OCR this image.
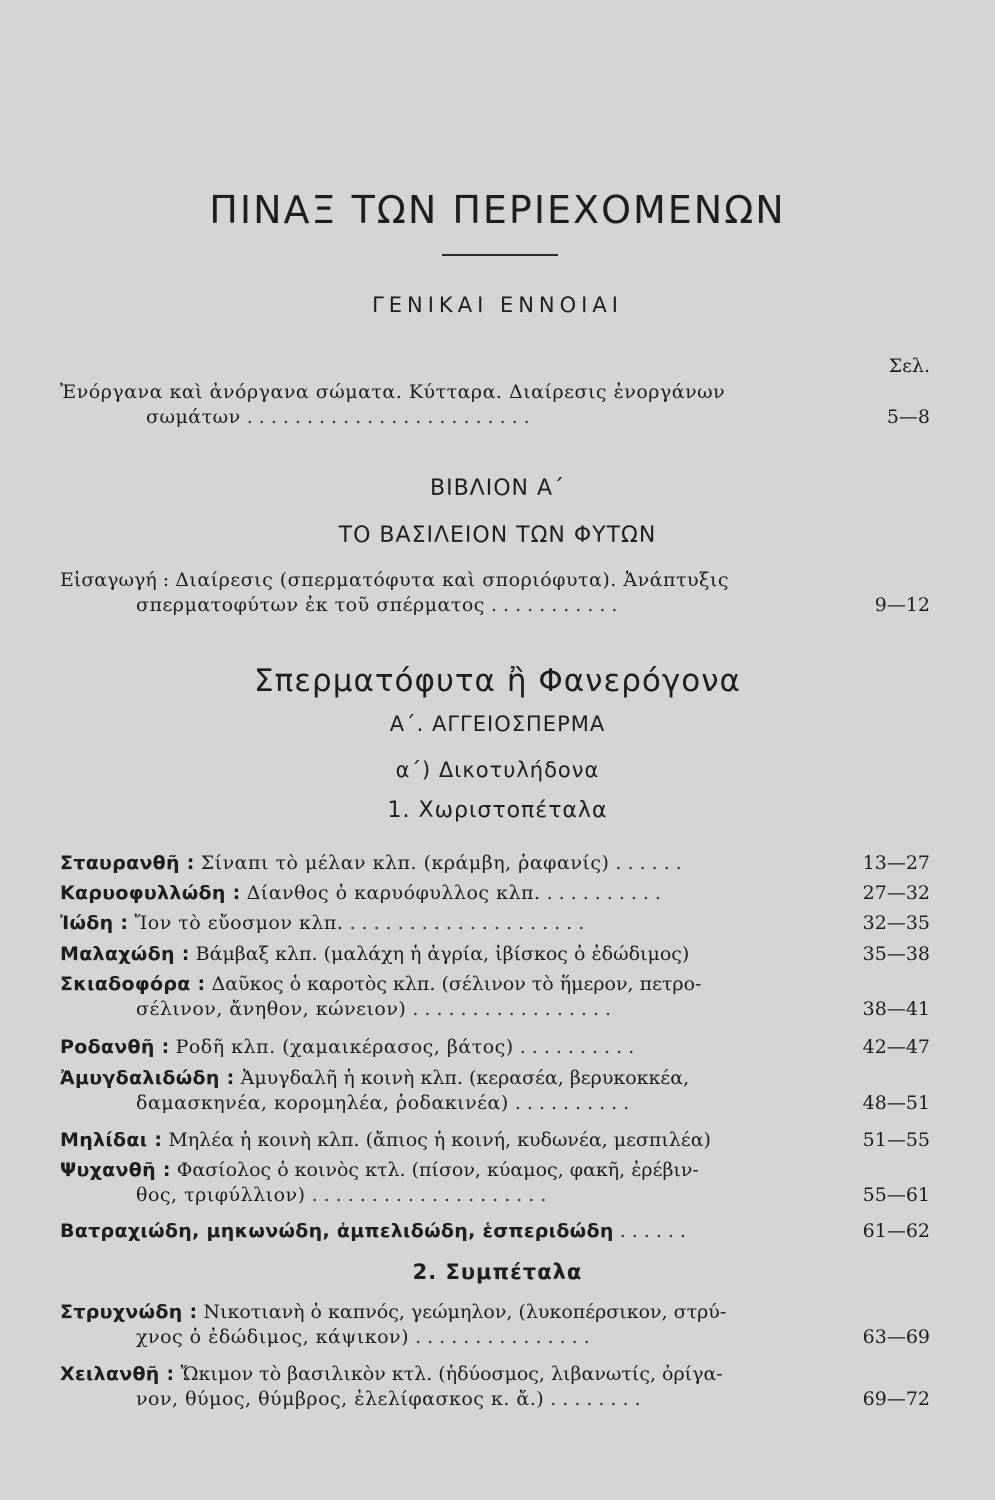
ΠΙΝΑΞ ΤΩΝ ΠΕΡΙΕΧΟΜΕΝΩΝ
ΓΕΝΙΚΑΙ ΕΝΝΟΙΑΙ
Σελ.
Ἐνόργανα καὶ ἀνόργανα σώματα. Κύτταρα. Διαίρεσις ἐνοργάνων
σωμάτων ........................	5—8
ΒΙΒΛΙΟΝ Α΄
ΤΟ ΒΑΣΙΛΕΙΟΝ ΤΩΝ ΦΥΤΩΝ
Εἰσαγωγή : Διαίρεσις (σπερματόφυτα καὶ σποριόφυτα). Ἀνάπτυξις
σπερματοφύτων ἐκ τοῦ σπέρματος ...........	9—12
Σπερματόφυτα ἢ Φανερόγονα
Α΄. ΑΓΓΕΙΟΣΠΕΡΜΑ
α΄) Δικοτυλήδονα
1. Χωριστοπέταλα
Σταυρανθῆ : Σίναπι τὸ μέλαν κλπ. (κράμβη, ῥαφανίς) ......	13—27
Καρυοφυλλώδη : Δίανθος ὁ καρυόφυλλος κλπ. ..........	27—32
Ἰώδη : Ἴον τὸ εὔοσμον κλπ. ....................	32—35
Μαλαχώδη : Βάμβαξ κλπ. (μαλάχη ἡ ἀγρία, ἰβίσκος ὁ ἐδώδιμος)	35—38
Σκιαδοφόρα : Δαῦκος ὁ καροτὸς κλπ. (σέλινον τὸ ἥμερον, πετρο-
σέλινον, ἄνηθον, κώνειον) .................	38—41
Ροδανθῆ : Ροδῆ κλπ. (χαμαικέρασος, βάτος) ..........	42—47
Ἀμυγδαλιδώδη : Ἀμυγδαλῆ ἡ κοινὴ κλπ. (κερασέα, βερυκοκκέα,
δαμασκηνέα, κορομηλέα, ῥοδακινέα) ..........	48—51
Μηλίδαι : Μηλέα ἡ κοινὴ κλπ. (ἄπιος ἡ κοινή, κυδωνέα, μεσπιλέα)	51—55
Ψυχανθῆ : Φασίολος ὁ κοινὸς κτλ. (πίσον, κύαμος, φακῆ, ἐρέβιν-
θος, τριφύλλιον) ....................	55—61
Βατραχιώδη, μηκωνώδη, ἀμπελιδώδη, ἑσπεριδώδη ......	61—62
2. Συμπέταλα
Στρυχνώδη : Νικοτιανὴ ὁ καπνός, γεώμηλον, (λυκοπέρσικον, στρύ-
χνος ὁ ἐδώδιμος, κάψικον) ...............	63—69
Χειλανθῆ : Ὤκιμον τὸ βασιλικὸν κτλ. (ἡδύοσμος, λιβανωτίς, ὀρίγα-
νον, θύμος, θύμβρος, ἐλελίφασκος κ. ἄ.) ........	69—72
